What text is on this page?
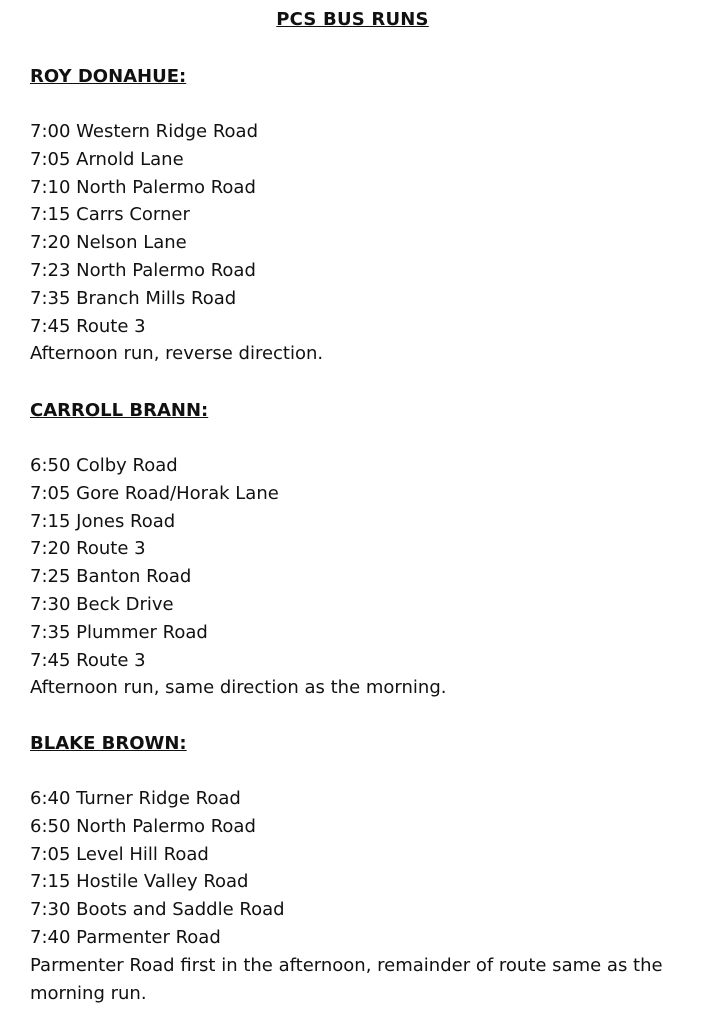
PCS BUS RUNS
ROY DONAHUE:
7:00 Western Ridge Road
7:05 Arnold Lane
7:10 North Palermo Road
7:15 Carrs Corner
7:20 Nelson Lane
7:23 North Palermo Road
7:35 Branch Mills Road
7:45 Route 3
Afternoon run, reverse direction.
CARROLL BRANN:
6:50 Colby Road
7:05 Gore Road/Horak Lane
7:15 Jones Road
7:20 Route 3
7:25 Banton Road
7:30 Beck Drive
7:35 Plummer Road
7:45 Route 3
Afternoon run, same direction as the morning.
BLAKE BROWN:
6:40 Turner Ridge Road
6:50 North Palermo Road
7:05 Level Hill Road
7:15 Hostile Valley Road
7:30 Boots and Saddle Road
7:40 Parmenter Road
Parmenter Road first in the afternoon, remainder of route same as the morning run.
